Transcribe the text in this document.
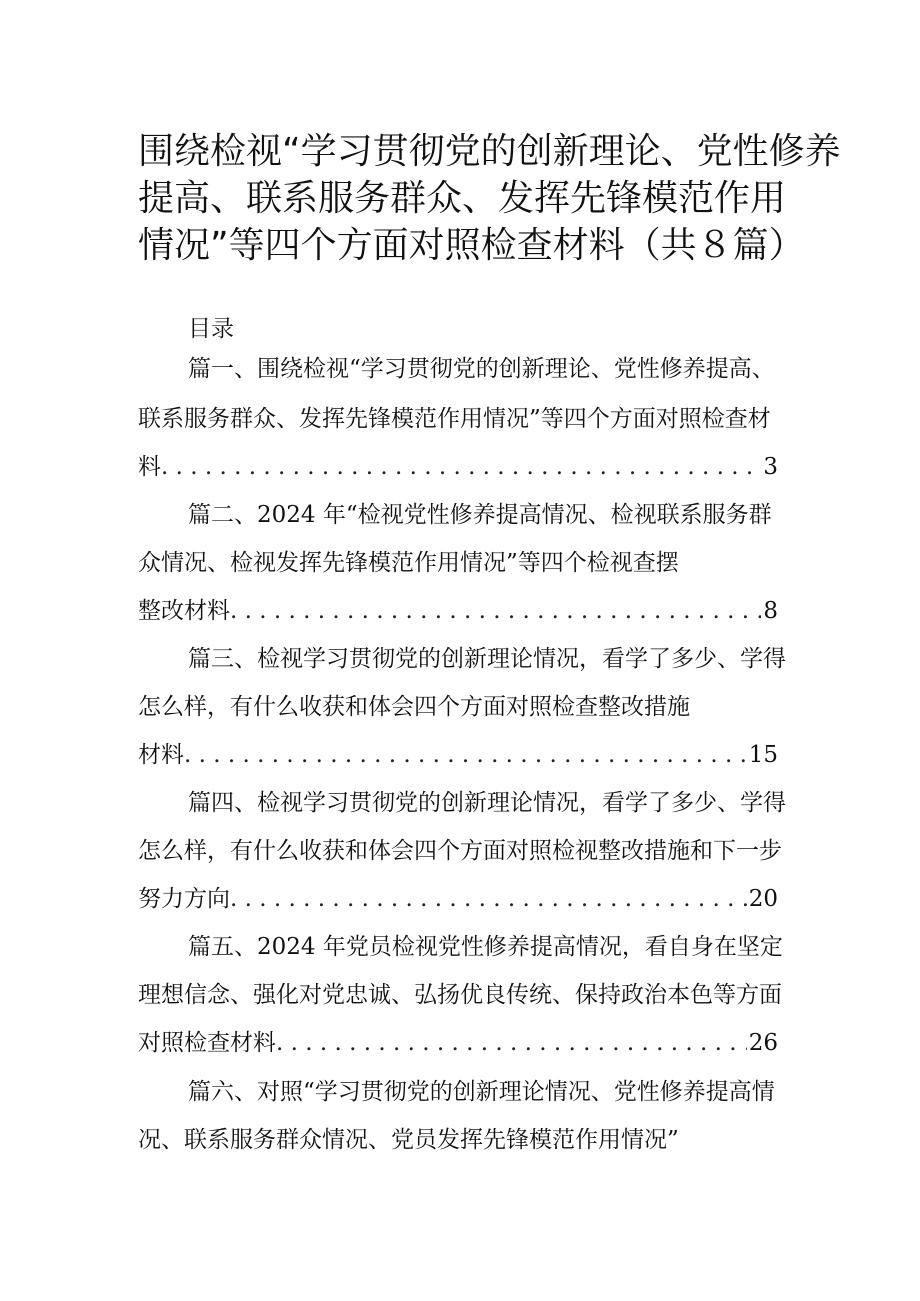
围绕检视“学习贯彻党的创新理论、党性修养
提高、联系服务群众、发挥先锋模范作用
情况”等四个方面对照检查材料（共８篇）
目录
篇一、围绕检视“学习贯彻党的创新理论、党性修养提高、
联系服务群众、发挥先锋模范作用情况”等四个方面对照检查材
料 . . .	3
篇二、2024 年“检视党性修养提高情况、检视联系服务群
众情况、检视发挥先锋模范作用情况”等四个检视查摆
整改材料 . . .	8
篇三、检视学习贯彻党的创新理论情况，看学了多少、学得
怎么样，有什么收获和体会四个方面对照检查整改措施
材料 . . .	15
篇四、检视学习贯彻党的创新理论情况，看学了多少、学得
怎么样，有什么收获和体会四个方面对照检视整改措施和下一步
努力方向 . . .	20
篇五、2024 年党员检视党性修养提高情况，看自身在坚定
理想信念、强化对党忠诚、弘扬优良传统、保持政治本色等方面
对照检查材料 . . .	26
篇六、对照“学习贯彻党的创新理论情况、党性修养提高情
况、联系服务群众情况、党员发挥先锋模范作用情况”
